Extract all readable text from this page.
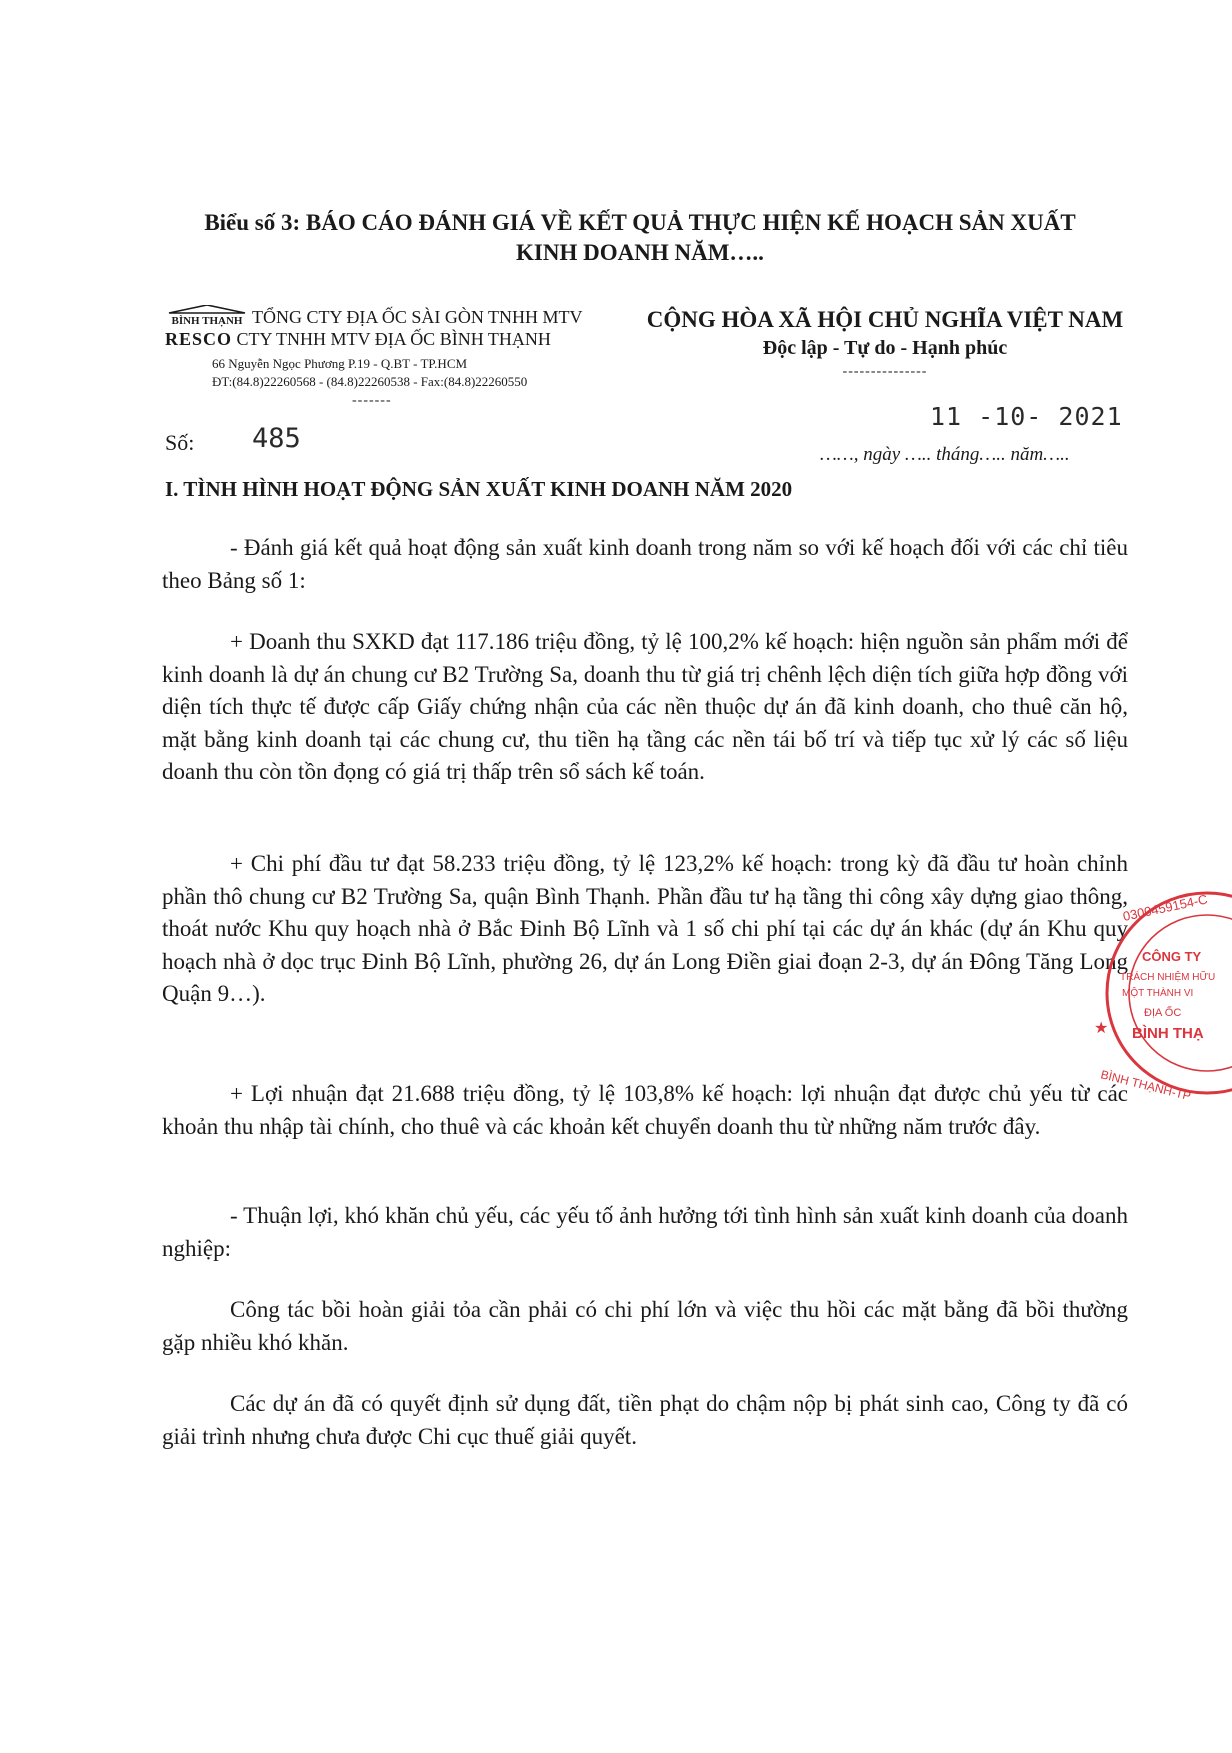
Biểu số 3: BÁO CÁO ĐÁNH GIÁ VỀ KẾT QUẢ THỰC HIỆN KẾ HOẠCH SẢN XUẤT
KINH DOANH NĂM…..
BÌNH THẠNH TỔNG CTY ĐỊA ỐC SÀI GÒN TNHH MTV
RESCO CTY TNHH MTV ĐỊA ỐC BÌNH THẠNH
66 Nguyễn Ngọc Phương P.19 - Q.BT - TP.HCM
ĐT:(84.8)22260568 - (84.8)22260538 - Fax:(84.8)22260550
-------
CỘNG HÒA XÃ HỘI CHỦ NGHĨA VIỆT NAM
Độc lập - Tự do - Hạnh phúc
---------------
11 -10- 2021
Số: 485
……, ngày ….. tháng….. năm…..
I. TÌNH HÌNH HOẠT ĐỘNG SẢN XUẤT KINH DOANH NĂM 2020
- Đánh giá kết quả hoạt động sản xuất kinh doanh trong năm so với kế hoạch đối với các chỉ tiêu theo Bảng số 1:
+ Doanh thu SXKD đạt 117.186 triệu đồng, tỷ lệ 100,2% kế hoạch: hiện nguồn sản phẩm mới để kinh doanh là dự án chung cư B2 Trường Sa, doanh thu từ giá trị chênh lệch diện tích giữa hợp đồng với diện tích thực tế được cấp Giấy chứng nhận của các nền thuộc dự án đã kinh doanh, cho thuê căn hộ, mặt bằng kinh doanh tại các chung cư, thu tiền hạ tầng các nền tái bố trí và tiếp tục xử lý các số liệu doanh thu còn tồn đọng có giá trị thấp trên sổ sách kế toán.
+ Chi phí đầu tư đạt 58.233 triệu đồng, tỷ lệ 123,2% kế hoạch: trong kỳ đã đầu tư hoàn chỉnh phần thô chung cư B2 Trường Sa, quận Bình Thạnh. Phần đầu tư hạ tầng thi công xây dựng giao thông, thoát nước Khu quy hoạch nhà ở Bắc Đinh Bộ Lĩnh và 1 số chi phí tại các dự án khác (dự án Khu quy hoạch nhà ở dọc trục Đinh Bộ Lĩnh, phường 26, dự án Long Điền giai đoạn 2-3, dự án Đông Tăng Long Quận 9…).
+ Lợi nhuận đạt 21.688 triệu đồng, tỷ lệ 103,8% kế hoạch: lợi nhuận đạt được chủ yếu từ các khoản thu nhập tài chính, cho thuê và các khoản kết chuyển doanh thu từ những năm trước đây.
- Thuận lợi, khó khăn chủ yếu, các yếu tố ảnh hưởng tới tình hình sản xuất kinh doanh của doanh nghiệp:
Công tác bồi hoàn giải tỏa cần phải có chi phí lớn và việc thu hồi các mặt bằng đã bồi thường gặp nhiều khó khăn.
Các dự án đã có quyết định sử dụng đất, tiền phạt do chậm nộp bị phát sinh cao, Công ty đã có giải trình nhưng chưa được Chi cục thuế giải quyết.
0300459154-C
CÔNG TY
TRÁCH NHIỆM HỮU
MỘT THÀNH VI
ĐỊA ỐC
BÌNH THẠ
BÌNH THẠNH-TP
★
